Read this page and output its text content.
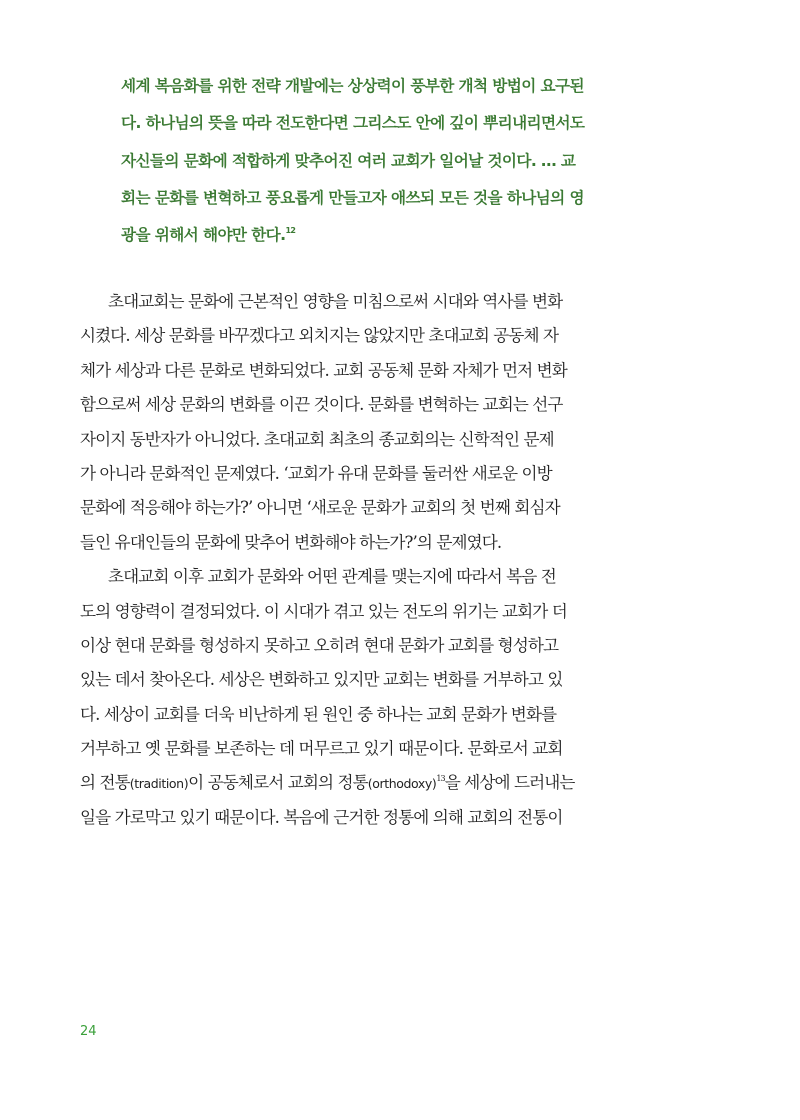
세계 복음화를 위한 전략 개발에는 상상력이 풍부한 개척 방법이 요구된
다. 하나님의 뜻을 따라 전도한다면 그리스도 안에 깊이 뿌리내리면서도
자신들의 문화에 적합하게 맞추어진 여러 교회가 일어날 것이다. … 교
회는 문화를 변혁하고 풍요롭게 만들고자 애쓰되 모든 것을 하나님의 영
광을 위해서 해야만 한다.$^{12}$
초대교회는 문화에 근본적인 영향을 미침으로써 시대와 역사를 변화
시켰다. 세상 문화를 바꾸겠다고 외치지는 않았지만 초대교회 공동체 자
체가 세상과 다른 문화로 변화되었다. 교회 공동체 문화 자체가 먼저 변화
함으로써 세상 문화의 변화를 이끈 것이다. 문화를 변혁하는 교회는 선구
자이지 동반자가 아니었다. 초대교회 최초의 종교회의는 신학적인 문제
가 아니라 문화적인 문제였다. ‘교회가 유대 문화를 둘러싼 새로운 이방
문화에 적응해야 하는가?’ 아니면 ‘새로운 문화가 교회의 첫 번째 회심자
들인 유대인들의 문화에 맞추어 변화해야 하는가?’의 문제였다.
초대교회 이후 교회가 문화와 어떤 관계를 맺는지에 따라서 복음 전
도의 영향력이 결정되었다. 이 시대가 겪고 있는 전도의 위기는 교회가 더
이상 현대 문화를 형성하지 못하고 오히려 현대 문화가 교회를 형성하고
있는 데서 찾아온다. 세상은 변화하고 있지만 교회는 변화를 거부하고 있
다. 세상이 교회를 더욱 비난하게 된 원인 중 하나는 교회 문화가 변화를
거부하고 옛 문화를 보존하는 데 머무르고 있기 때문이다. 문화로서 교회
의 전통(tradition)이 공동체로서 교회의 정통(orthodoxy)$^{13}$을 세상에 드러내는
일을 가로막고 있기 때문이다. 복음에 근거한 정통에 의해 교회의 전통이
24
